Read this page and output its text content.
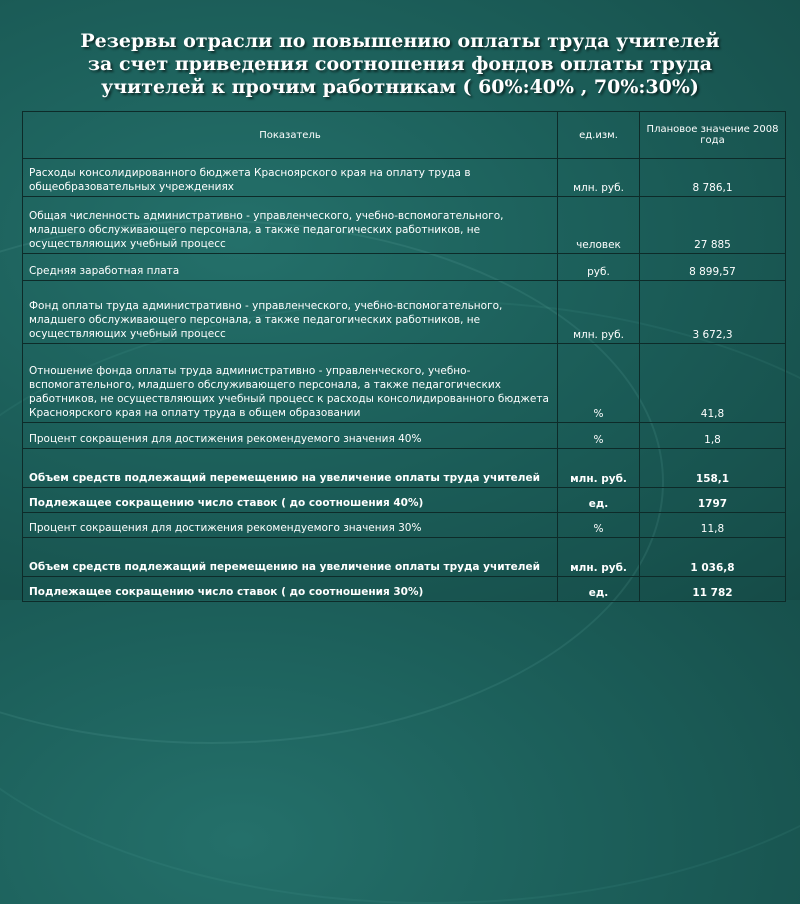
Резервы отрасли по повышению оплаты труда учителей
за счет приведения соотношения фондов оплаты труда
учителей к прочим работникам ( 60%:40% , 70%:30%)
Показатель	ед.изм.	Плановое значение 2008 года
Расходы консолидированного бюджета Красноярского края на оплату труда в общеобразовательных учреждениях	млн. руб.	8 786,1
Общая численность административно - управленческого, учебно-вспомогательного, младшего обслуживающего персонала, а также педагогических работников, не осуществляющих учебный процесс	человек	27 885
Средняя заработная плата	руб.	8 899,57
Фонд оплаты труда административно - управленческого, учебно-вспомогательного, младшего обслуживающего персонала, а также педагогических работников, не осуществляющих учебный процесс	млн. руб.	3 672,3
Отношение фонда оплаты труда административно - управленческого, учебно-вспомогательного, младшего обслуживающего персонала, а также педагогических работников, не осуществляющих учебный процесс к расходы консолидированного бюджета Красноярского края на оплату труда в общем образовании	%	41,8
Процент сокращения для достижения рекомендуемого значения 40%	%	1,8
Объем средств подлежащий перемещению на увеличение оплаты труда учителей	млн. руб.	158,1
Подлежащее сокращению число ставок ( до соотношения 40%)	ед.	1797
Процент сокращения для достижения рекомендуемого значения 30%	%	11,8
Объем средств подлежащий перемещению на увеличение оплаты труда учителей	млн. руб.	1 036,8
Подлежащее сокращению число ставок ( до соотношения 30%)	ед.	11 782
